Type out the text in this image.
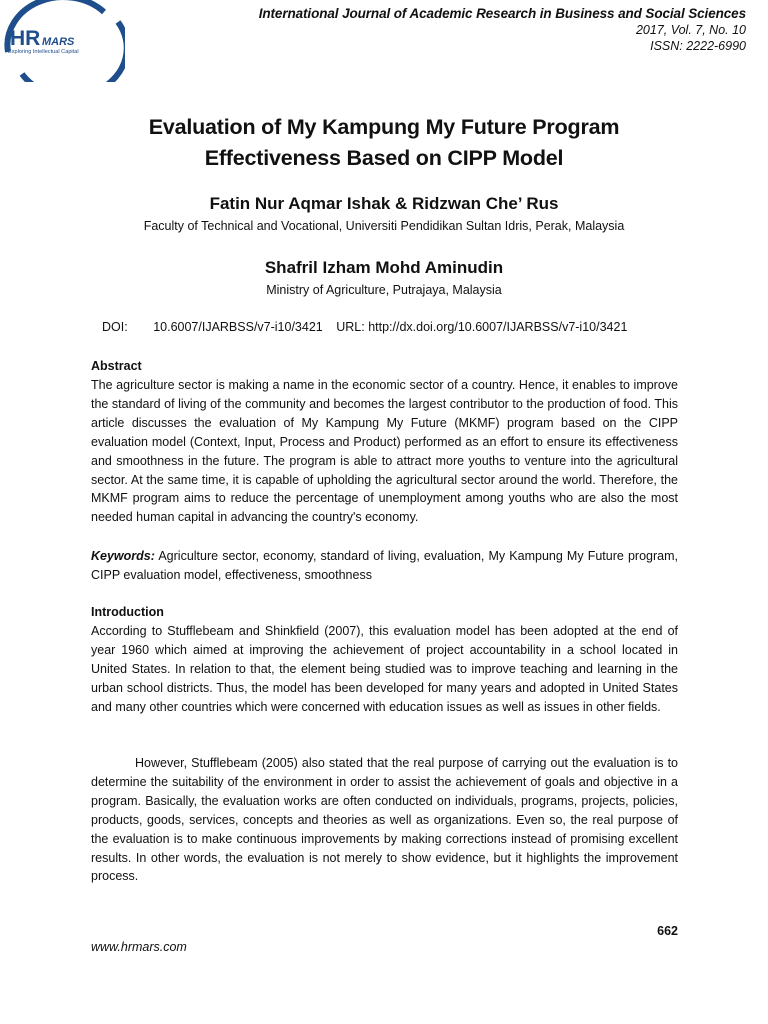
HR MARS
Exploring Intellectual Capital
International Journal of Academic Research in Business and Social Sciences
2017, Vol. 7, No. 10
ISSN: 2222-6990
Evaluation of My Kampung My Future Program
Effectiveness Based on CIPP Model
Fatin Nur Aqmar Ishak & Ridzwan Che’ Rus
Faculty of Technical and Vocational, Universiti Pendidikan Sultan Idris, Perak, Malaysia
Shafril Izham Mohd Aminudin
Ministry of Agriculture, Putrajaya, Malaysia
DOI: 10.6007/IJARBSS/v7-i10/3421 URL: http://dx.doi.org/10.6007/IJARBSS/v7-i10/3421
Abstract

The agriculture sector is making a name in the economic sector of a country. Hence, it enables to improve the standard of living of the community and becomes the largest contributor to the production of food. This article discusses the evaluation of My Kampung My Future (MKMF) program based on the CIPP evaluation model (Context, Input, Process and Product) performed as an effort to ensure its effectiveness and smoothness in the future. The program is able to attract more youths to venture into the agricultural sector. At the same time, it is capable of upholding the agricultural sector around the world. Therefore, the MKMF program aims to reduce the percentage of unemployment among youths who are also the most needed human capital in advancing the country's economy.

Keywords: Agriculture sector, economy, standard of living, evaluation, My Kampung My Future program, CIPP evaluation model, effectiveness, smoothness

Introduction

According to Stufflebeam and Shinkfield (2007), this evaluation model has been adopted at the end of year 1960 which aimed at improving the achievement of project accountability in a school located in United States. In relation to that, the element being studied was to improve teaching and learning in the urban school districts. Thus, the model has been developed for many years and adopted in United States and many other countries which were concerned with education issues as well as issues in other fields.

However, Stufflebeam (2005) also stated that the real purpose of carrying out the evaluation is to determine the suitability of the environment in order to assist the achievement of goals and objective in a program. Basically, the evaluation works are often conducted on individuals, programs, projects, policies, products, goods, services, concepts and theories as well as organizations. Even so, the real purpose of the evaluation is to make continuous improvements by making corrections instead of promising excellent results. In other words, the evaluation is not merely to show evidence, but it highlights the improvement process.

662
www.hrmars.com
